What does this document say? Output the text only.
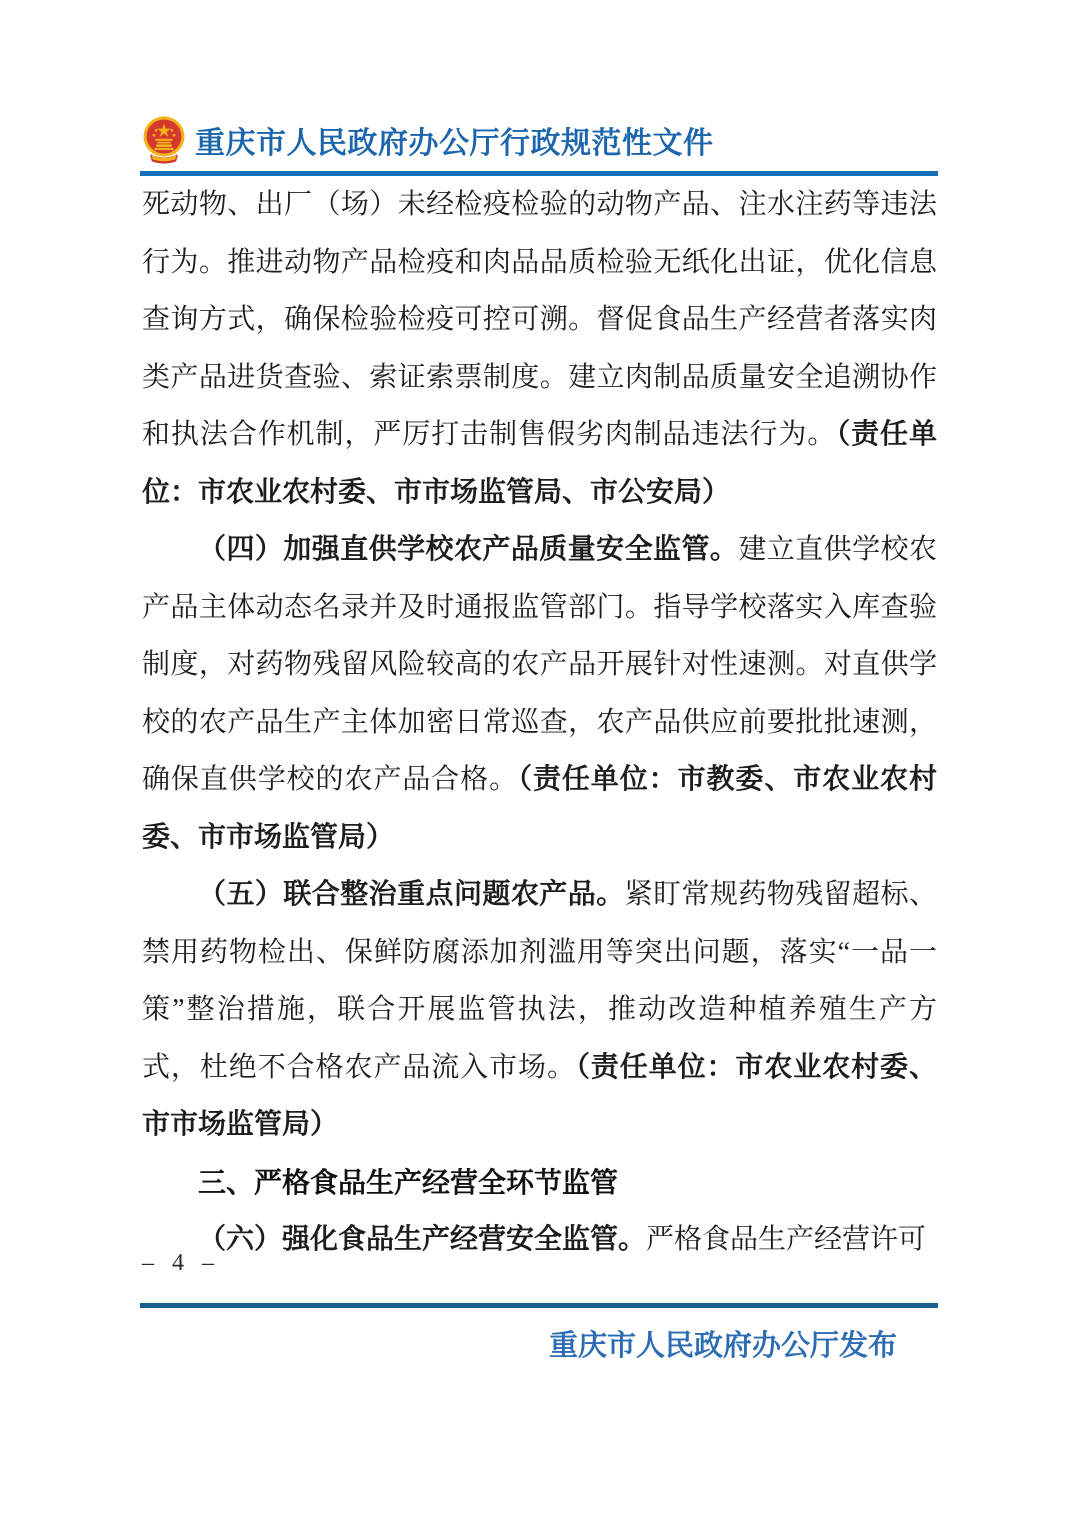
重庆市人民政府办公厅行政规范性文件
死动物、出厂（场）未经检疫检验的动物产品、注水注药等违法行为。推进动物产品检疫和肉品品质检验无纸化出证，优化信息查询方式，确保检验检疫可控可溯。督促食品生产经营者落实肉类产品进货查验、索证索票制度。建立肉制品质量安全追溯协作和执法合作机制，严厉打击制售假劣肉制品违法行为。（责任单位：市农业农村委、市市场监管局、市公安局）
（四）加强直供学校农产品质量安全监管。建立直供学校农产品主体动态名录并及时通报监管部门。指导学校落实入库查验制度，对药物残留风险较高的农产品开展针对性速测。对直供学校的农产品生产主体加密日常巡查，农产品供应前要批批速测，确保直供学校的农产品合格。（责任单位：市教委、市农业农村委、市市场监管局）
（五）联合整治重点问题农产品。紧盯常规药物残留超标、禁用药物检出、保鲜防腐添加剂滥用等突出问题，落实“一品一策”整治措施，联合开展监管执法，推动改造种植养殖生产方式，杜绝不合格农产品流入市场。（责任单位：市农业农村委、市市场监管局）
三、严格食品生产经营全环节监管
（六）强化食品生产经营安全监管。严格食品生产经营许可
– 4 –
重庆市人民政府办公厅发布
